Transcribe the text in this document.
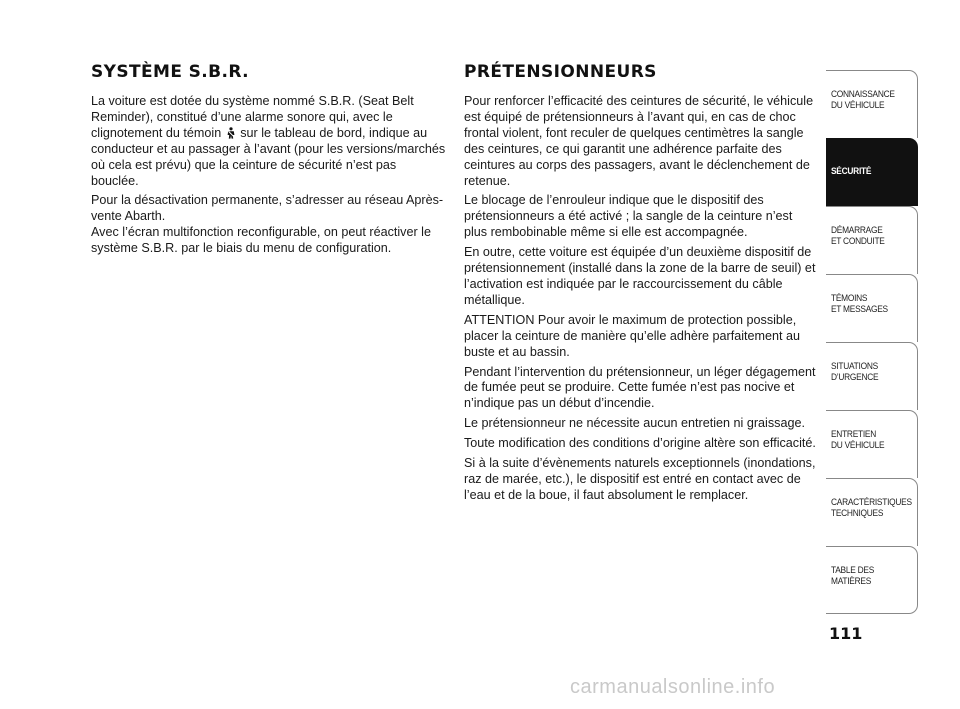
SYSTÈME S.B.R.

La voiture est dotée du système nommé S.B.R. (Seat Belt Reminder), constitué d’une alarme sonore qui, avec le clignotement du témoin
sur le tableau de bord, indique au conducteur et au passager à l’avant (pour les versions/marchés où cela est prévu) que la ceinture de sécurité n’est pas bouclée.

Pour la désactivation permanente, s’adresser au réseau Après-vente Abarth.

Avec l’écran multifonction reconfigurable, on peut réactiver le système S.B.R. par le biais du menu de configuration.

PRÉTENSIONNEURS

Pour renforcer l’efficacité des ceintures de sécurité, le véhicule est équipé de prétensionneurs à l’avant qui, en cas de choc frontal violent, font reculer de quelques centimètres la sangle des ceintures, ce qui garantit une adhérence parfaite des ceintures au corps des passagers, avant le déclenchement de retenue.

Le blocage de l’enrouleur indique que le dispositif des prétensionneurs a été activé ; la sangle de la ceinture n’est plus rembobinable même si elle est accompagnée.

En outre, cette voiture est équipée d’un deuxième dispositif de prétensionnement (installé dans la zone de la barre de seuil) et l’activation est indiquée par le raccourcissement du câble métallique.

ATTENTION Pour avoir le maximum de protection possible, placer la ceinture de manière qu’elle adhère parfaitement au buste et au bassin.

Pendant l’intervention du prétensionneur, un léger dégagement de fumée peut se produire. Cette fumée n’est pas nocive et n’indique pas un début d’incendie.

Le prétensionneur ne nécessite aucun entretien ni graissage.

Toute modification des conditions d’origine altère son efficacité.

Si à la suite d’évènements naturels exceptionnels (inondations, raz de marée, etc.), le dispositif est entré en contact avec de l’eau et de la boue, il faut absolument le remplacer.

CONNAISSANCE
DU VÉHICULE
SÉCURITÉ
DÉMARRAGE
ET CONDUITE
TÉMOINS
ET MESSAGES
SITUATIONS
D’URGENCE
ENTRETIEN
DU VÉHICULE
CARACTÉRISTIQUES
TECHNIQUES
TABLE DES
MATIÈRES
111
carmanualsonline.info
